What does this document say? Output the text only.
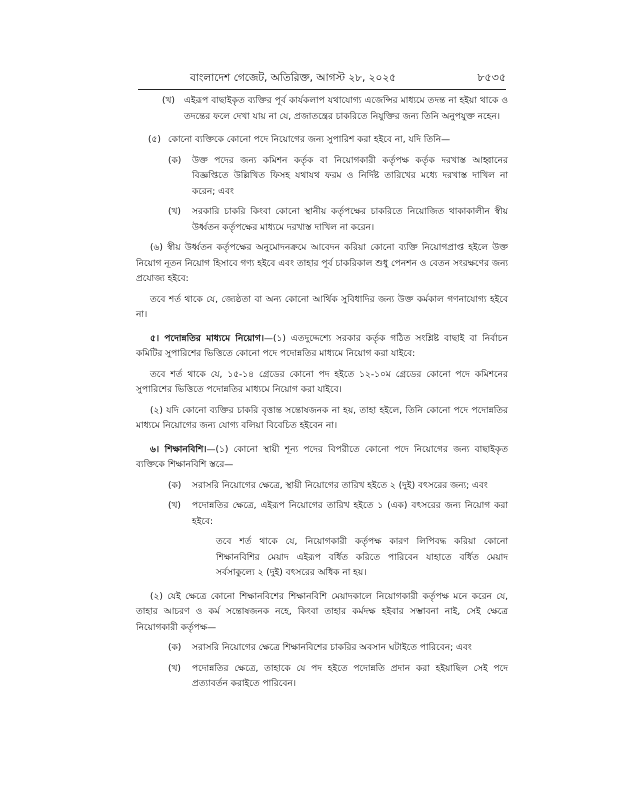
বাংলাদেশ গেজেট, অতিরিক্ত, আগস্ট ২৮, ২০২৫	৮৫৩৫

(খ) এইরূপ বাছাইকৃত ব্যক্তির পূর্ব কার্যকলাপ যথাযোগ্য এজেন্সির মাধ্যমে তদন্ত না হইয়া থাকে ও তদন্তের ফলে দেখা যায় না যে, প্রজাতন্ত্রের চাকরিতে নিযুক্তির জন্য তিনি অনুপযুক্ত নহেন।

(৫) কোনো ব্যক্তিকে কোনো পদে নিয়োগের জন্য সুপারিশ করা হইবে না, যদি তিনি—

(ক) উক্ত পদের জন্য কমিশন কর্তৃক বা নিয়োগকারী কর্তৃপক্ষ কর্তৃক দরখাস্ত আহ্বানের বিজ্ঞপ্তিতে উল্লিখিত ফিসহ যথাযথ ফরম ও নির্দিষ্ট তারিখের মধ্যে দরখাস্ত দাখিল না করেন; এবং

(খ) সরকারি চাকরি কিংবা কোনো স্থানীয় কর্তৃপক্ষের চাকরিতে নিয়োজিত থাকাকালীন স্বীয় উর্ধ্বতন কর্তৃপক্ষের মাধ্যমে দরখাস্ত দাখিল না করেন।

(৬) স্বীয় উর্ধ্বতন কর্তৃপক্ষের অনুমোদনক্রমে আবেদন করিয়া কোনো ব্যক্তি নিয়োগপ্রাপ্ত হইলে উক্ত নিয়োগ নূতন নিয়োগ হিসাবে গণ্য হইবে এবং তাহার পূর্ব চাকরিকাল শুধু পেনশন ও বেতন সংরক্ষণের জন্য প্রযোজ্য হইবে:

তবে শর্ত থাকে যে, জ্যেষ্ঠতা বা অন্য কোনো আর্থিক সুবিধাদির জন্য উক্ত কর্মকাল গণনাযোগ্য হইবে না।

৫। পদোন্নতির মাধ্যমে নিয়োগ।—(১) এতদুদ্দেশ্যে সরকার কর্তৃক গঠিত সংশ্লিষ্ট বাছাই বা নির্বাচন কমিটির সুপারিশের ভিত্তিতে কোনো পদে পদোন্নতির মাধ্যমে নিয়োগ করা যাইবে:

তবে শর্ত থাকে যে, ১৫-১৪ গ্রেডের কোনো পদ হইতে ১২-১০ম গ্রেডের কোনো পদে কমিশনের সুপারিশের ভিত্তিতে পদোন্নতির মাধ্যমে নিয়োগ করা যাইবে।

(২) যদি কোনো ব্যক্তির চাকরি বৃত্তান্ত সন্তোষজনক না হয়, তাহা হইলে, তিনি কোনো পদে পদোন্নতির মাধ্যমে নিয়োগের জন্য যোগ্য বলিয়া বিবেচিত হইবেন না।

৬। শিক্ষানবিশি।—(১) কোনো স্থায়ী শূন্য পদের বিপরীতে কোনো পদে নিয়োগের জন্য বাছাইকৃত ব্যক্তিকে শিক্ষানবিশি স্তরে—

(ক) সরাসরি নিয়োগের ক্ষেত্রে, স্থায়ী নিয়োগের তারিখ হইতে ২ (দুই) বৎসরের জন্য; এবং

(খ) পদোন্নতির ক্ষেত্রে, এইরূপ নিয়োগের তারিখ হইতে ১ (এক) বৎসরের জন্য নিয়োগ করা হইবে:

তবে শর্ত থাকে যে, নিয়োগকারী কর্তৃপক্ষ কারণ লিপিবদ্ধ করিয়া কোনো শিক্ষানবিশির মেয়াদ এইরূপ বর্ধিত করিতে পারিবেন যাহাতে বর্ধিত মেয়াদ সর্বসাকুল্যে ২ (দুই) বৎসরের অধিক না হয়।

(২) যেই ক্ষেত্রে কোনো শিক্ষানবিশের শিক্ষানবিশি মেয়াদকালে নিয়োগকারী কর্তৃপক্ষ মনে করেন যে, তাহার আচরণ ও কর্ম সন্তোষজনক নহে, কিংবা তাহার কর্মদক্ষ হইবার সম্ভাবনা নাই, সেই ক্ষেত্রে নিয়োগকারী কর্তৃপক্ষ—

(ক) সরাসরি নিয়োগের ক্ষেত্রে শিক্ষানবিশের চাকরির অবসান ঘটাইতে পারিবেন; এবং

(খ) পদোন্নতির ক্ষেত্রে, তাহাকে যে পদ হইতে পদোন্নতি প্রদান করা হইয়াছিল সেই পদে প্রত্যাবর্তন করাইতে পারিবেন।
